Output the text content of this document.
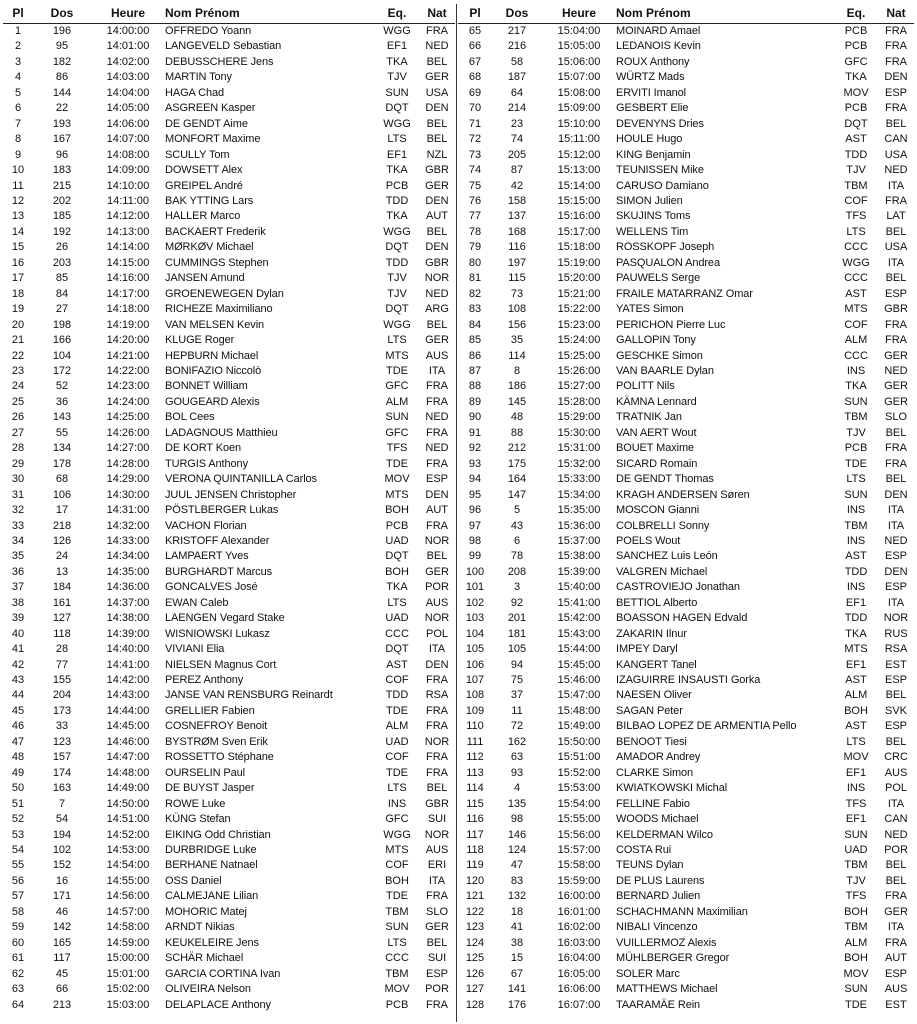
Pl	Dos	Heure	Nom Prénom	Eq.	Nat
1	196	14:00:00	OFFREDO Yoann	WGG	FRA
2	95	14:01:00	LANGEVELD Sebastian	EF1	NED
3	182	14:02:00	DEBUSSCHERE Jens	TKA	BEL
4	86	14:03:00	MARTIN Tony	TJV	GER
5	144	14:04:00	HAGA Chad	SUN	USA
6	22	14:05:00	ASGREEN Kasper	DQT	DEN
7	193	14:06:00	DE GENDT Aime	WGG	BEL
8	167	14:07:00	MONFORT Maxime	LTS	BEL
9	96	14:08:00	SCULLY Tom	EF1	NZL
10	183	14:09:00	DOWSETT Alex	TKA	GBR
11	215	14:10:00	GREIPEL André	PCB	GER
12	202	14:11:00	BAK YTTING Lars	TDD	DEN
13	185	14:12:00	HALLER Marco	TKA	AUT
14	192	14:13:00	BACKAERT Frederik	WGG	BEL
15	26	14:14:00	MØRKØV Michael	DQT	DEN
16	203	14:15:00	CUMMINGS Stephen	TDD	GBR
17	85	14:16:00	JANSEN Amund	TJV	NOR
18	84	14:17:00	GROENEWEGEN Dylan	TJV	NED
19	27	14:18:00	RICHEZE Maximiliano	DQT	ARG
20	198	14:19:00	VAN MELSEN Kevin	WGG	BEL
21	166	14:20:00	KLUGE Roger	LTS	GER
22	104	14:21:00	HEPBURN Michael	MTS	AUS
23	172	14:22:00	BONIFAZIO Niccolò	TDE	ITA
24	52	14:23:00	BONNET William	GFC	FRA
25	36	14:24:00	GOUGEARD Alexis	ALM	FRA
26	143	14:25:00	BOL Cees	SUN	NED
27	55	14:26:00	LADAGNOUS Matthieu	GFC	FRA
28	134	14:27:00	DE KORT Koen	TFS	NED
29	178	14:28:00	TURGIS Anthony	TDE	FRA
30	68	14:29:00	VERONA QUINTANILLA Carlos	MOV	ESP
31	106	14:30:00	JUUL JENSEN Christopher	MTS	DEN
32	17	14:31:00	PÖSTLBERGER Lukas	BOH	AUT
33	218	14:32:00	VACHON Florian	PCB	FRA
34	126	14:33:00	KRISTOFF Alexander	UAD	NOR
35	24	14:34:00	LAMPAERT Yves	DQT	BEL
36	13	14:35:00	BURGHARDT Marcus	BOH	GER
37	184	14:36:00	GONCALVES José	TKA	POR
38	161	14:37:00	EWAN Caleb	LTS	AUS
39	127	14:38:00	LAENGEN Vegard Stake	UAD	NOR
40	118	14:39:00	WISNIOWSKI Lukasz	CCC	POL
41	28	14:40:00	VIVIANI Elia	DQT	ITA
42	77	14:41:00	NIELSEN Magnus Cort	AST	DEN
43	155	14:42:00	PEREZ Anthony	COF	FRA
44	204	14:43:00	JANSE VAN RENSBURG Reinardt	TDD	RSA
45	173	14:44:00	GRELLIER Fabien	TDE	FRA
46	33	14:45:00	COSNEFROY Benoit	ALM	FRA
47	123	14:46:00	BYSTRØM Sven Erik	UAD	NOR
48	157	14:47:00	ROSSETTO Stéphane	COF	FRA
49	174	14:48:00	OURSELIN Paul	TDE	FRA
50	163	14:49:00	DE BUYST Jasper	LTS	BEL
51	7	14:50:00	ROWE Luke	INS	GBR
52	54	14:51:00	KÜNG Stefan	GFC	SUI
53	194	14:52:00	EIKING Odd Christian	WGG	NOR
54	102	14:53:00	DURBRIDGE Luke	MTS	AUS
55	152	14:54:00	BERHANE Natnael	COF	ERI
56	16	14:55:00	OSS Daniel	BOH	ITA
57	171	14:56:00	CALMEJANE Lilian	TDE	FRA
58	46	14:57:00	MOHORIC Matej	TBM	SLO
59	142	14:58:00	ARNDT Nikias	SUN	GER
60	165	14:59:00	KEUKELEIRE Jens	LTS	BEL
61	117	15:00:00	SCHÄR Michael	CCC	SUI
62	45	15:01:00	GARCIA CORTINA Ivan	TBM	ESP
63	66	15:02:00	OLIVEIRA Nelson	MOV	POR
64	213	15:03:00	DELAPLACE Anthony	PCB	FRA
Pl	Dos	Heure	Nom Prénom	Eq.	Nat
65	217	15:04:00	MOINARD Amael	PCB	FRA
66	216	15:05:00	LEDANOIS Kevin	PCB	FRA
67	58	15:06:00	ROUX Anthony	GFC	FRA
68	187	15:07:00	WÜRTZ Mads	TKA	DEN
69	64	15:08:00	ERVITI Imanol	MOV	ESP
70	214	15:09:00	GESBERT Elie	PCB	FRA
71	23	15:10:00	DEVENYNS Dries	DQT	BEL
72	74	15:11:00	HOULE Hugo	AST	CAN
73	205	15:12:00	KING Benjamin	TDD	USA
74	87	15:13:00	TEUNISSEN Mike	TJV	NED
75	42	15:14:00	CARUSO Damiano	TBM	ITA
76	158	15:15:00	SIMON Julien	COF	FRA
77	137	15:16:00	SKUJINS Toms	TFS	LAT
78	168	15:17:00	WELLENS Tim	LTS	BEL
79	116	15:18:00	ROSSKOPF Joseph	CCC	USA
80	197	15:19:00	PASQUALON Andrea	WGG	ITA
81	115	15:20:00	PAUWELS Serge	CCC	BEL
82	73	15:21:00	FRAILE MATARRANZ Omar	AST	ESP
83	108	15:22:00	YATES Simon	MTS	GBR
84	156	15:23:00	PERICHON Pierre Luc	COF	FRA
85	35	15:24:00	GALLOPIN Tony	ALM	FRA
86	114	15:25:00	GESCHKE Simon	CCC	GER
87	8	15:26:00	VAN BAARLE Dylan	INS	NED
88	186	15:27:00	POLITT Nils	TKA	GER
89	145	15:28:00	KÄMNA Lennard	SUN	GER
90	48	15:29:00	TRATNIK Jan	TBM	SLO
91	88	15:30:00	VAN AERT Wout	TJV	BEL
92	212	15:31:00	BOUET Maxime	PCB	FRA
93	175	15:32:00	SICARD Romain	TDE	FRA
94	164	15:33:00	DE GENDT Thomas	LTS	BEL
95	147	15:34:00	KRAGH ANDERSEN Søren	SUN	DEN
96	5	15:35:00	MOSCON Gianni	INS	ITA
97	43	15:36:00	COLBRELLI Sonny	TBM	ITA
98	6	15:37:00	POELS Wout	INS	NED
99	78	15:38:00	SANCHEZ Luis León	AST	ESP
100	208	15:39:00	VALGREN Michael	TDD	DEN
101	3	15:40:00	CASTROVIEJO Jonathan	INS	ESP
102	92	15:41:00	BETTIOL Alberto	EF1	ITA
103	201	15:42:00	BOASSON HAGEN Edvald	TDD	NOR
104	181	15:43:00	ZAKARIN Ilnur	TKA	RUS
105	105	15:44:00	IMPEY Daryl	MTS	RSA
106	94	15:45:00	KANGERT Tanel	EF1	EST
107	75	15:46:00	IZAGUIRRE INSAUSTI Gorka	AST	ESP
108	37	15:47:00	NAESEN Oliver	ALM	BEL
109	11	15:48:00	SAGAN Peter	BOH	SVK
110	72	15:49:00	BILBAO LOPEZ DE ARMENTIA Pello	AST	ESP
111	162	15:50:00	BENOOT Tiesi	LTS	BEL
112	63	15:51:00	AMADOR Andrey	MOV	CRC
113	93	15:52:00	CLARKE Simon	EF1	AUS
114	4	15:53:00	KWIATKOWSKI Michal	INS	POL
115	135	15:54:00	FELLINE Fabio	TFS	ITA
116	98	15:55:00	WOODS Michael	EF1	CAN
117	146	15:56:00	KELDERMAN Wilco	SUN	NED
118	124	15:57:00	COSTA Rui	UAD	POR
119	47	15:58:00	TEUNS Dylan	TBM	BEL
120	83	15:59:00	DE PLUS Laurens	TJV	BEL
121	132	16:00:00	BERNARD Julien	TFS	FRA
122	18	16:01:00	SCHACHMANN Maximilian	BOH	GER
123	41	16:02:00	NIBALI Vincenzo	TBM	ITA
124	38	16:03:00	VUILLERMOZ Alexis	ALM	FRA
125	15	16:04:00	MÜHLBERGER Gregor	BOH	AUT
126	67	16:05:00	SOLER Marc	MOV	ESP
127	141	16:06:00	MATTHEWS Michael	SUN	AUS
128	176	16:07:00	TAARAMÄE Rein	TDE	EST
